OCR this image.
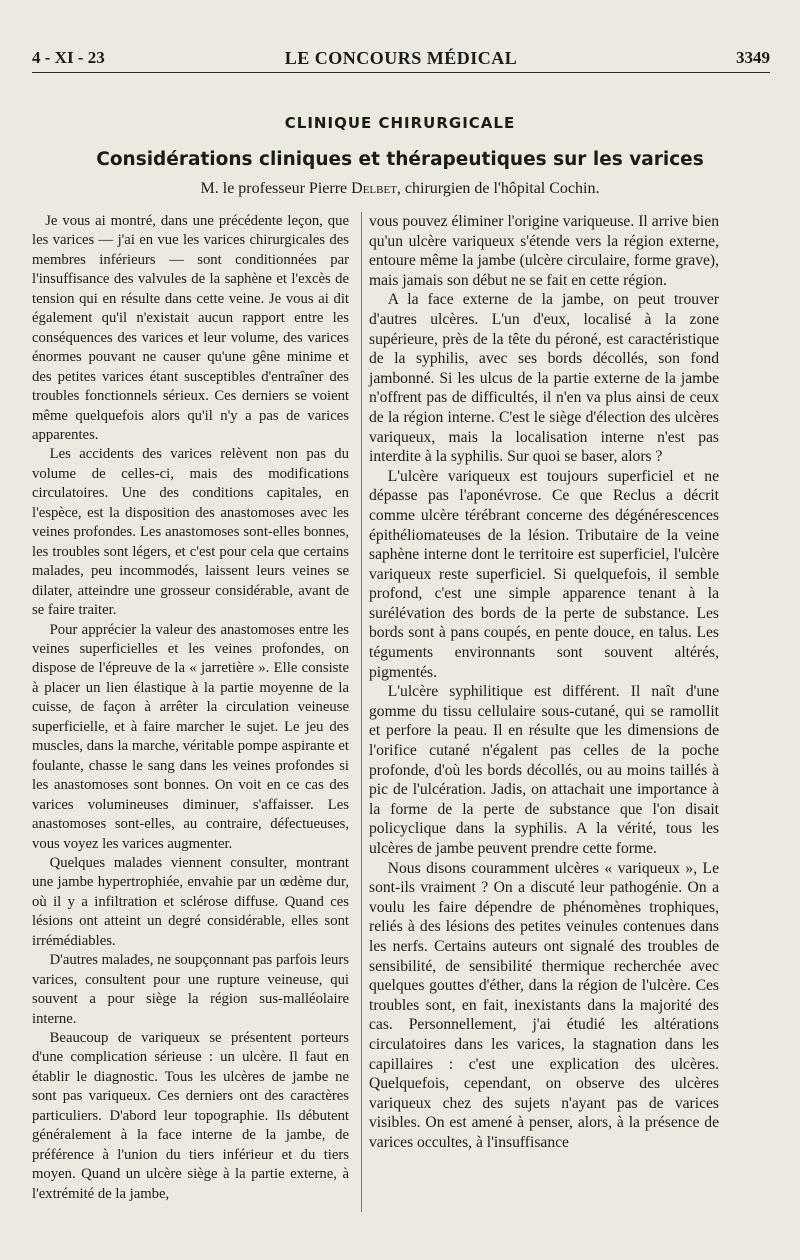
4 - XI - 23	LE CONCOURS MÉDICAL	3349
CLINIQUE CHIRURGICALE
Considérations cliniques et thérapeutiques sur les varices
M. le professeur Pierre Delbet, chirurgien de l'hôpital Cochin.

Je vous ai montré, dans une précédente leçon, que les varices — j'ai en vue les varices chirurgicales des membres inférieurs — sont conditionnées par l'insuffisance des valvules de la saphène et l'excès de tension qui en résulte dans cette veine. Je vous ai dit également qu'il n'existait aucun rapport entre les conséquences des varices et leur volume, des varices énormes pouvant ne causer qu'une gêne minime et des petites varices étant susceptibles d'entraîner des troubles fonctionnels sérieux. Ces derniers se voient même quelquefois alors qu'il n'y a pas de varices apparentes.

Les accidents des varices relèvent non pas du volume de celles-ci, mais des modifications circulatoires. Une des conditions capitales, en l'espèce, est la disposition des anastomoses avec les veines profondes. Les anastomoses sont-elles bonnes, les troubles sont légers, et c'est pour cela que certains malades, peu incommodés, laissent leurs veines se dilater, atteindre une grosseur considérable, avant de se faire traiter.

Pour apprécier la valeur des anastomoses entre les veines superficielles et les veines profondes, on dispose de l'épreuve de la « jarretière ». Elle consiste à placer un lien élastique à la partie moyenne de la cuisse, de façon à arrêter la circulation veineuse superficielle, et à faire marcher le sujet. Le jeu des muscles, dans la marche, véritable pompe aspirante et foulante, chasse le sang dans les veines profondes si les anastomoses sont bonnes. On voit en ce cas des varices volumineuses diminuer, s'affaisser. Les anastomoses sont-elles, au contraire, défectueuses, vous voyez les varices augmenter.

Quelques malades viennent consulter, montrant une jambe hypertrophiée, envahie par un œdème dur, où il y a infiltration et sclérose diffuse. Quand ces lésions ont atteint un degré considérable, elles sont irrémédiables.

D'autres malades, ne soupçonnant pas parfois leurs varices, consultent pour une rupture veineuse, qui souvent a pour siège la région sus-malléolaire interne.

Beaucoup de variqueux se présentent porteurs d'une complication sérieuse : un ulcère. Il faut en établir le diagnostic. Tous les ulcères de jambe ne sont pas variqueux. Ces derniers ont des caractères particuliers. D'abord leur topographie. Ils débutent généralement à la face interne de la jambe, de préférence à l'union du tiers inférieur et du tiers moyen. Quand un ulcère siège à la partie externe, à l'extrémité de la jambe,

vous pouvez éliminer l'origine variqueuse. Il arrive bien qu'un ulcère variqueux s'étende vers la région externe, entoure même la jambe (ulcère circulaire, forme grave), mais jamais son début ne se fait en cette région.

A la face externe de la jambe, on peut trouver d'autres ulcères. L'un d'eux, localisé à la zone supérieure, près de la tête du péroné, est caractéristique de la syphilis, avec ses bords décollés, son fond jambonné. Si les ulcus de la partie externe de la jambe n'offrent pas de difficultés, il n'en va plus ainsi de ceux de la région interne. C'est le siège d'élection des ulcères variqueux, mais la localisation interne n'est pas interdite à la syphilis. Sur quoi se baser, alors ?

L'ulcère variqueux est toujours superficiel et ne dépasse pas l'aponévrose. Ce que Reclus a décrit comme ulcère térébrant concerne des dégénérescences épithéliomateuses de la lésion. Tributaire de la veine saphène interne dont le territoire est superficiel, l'ulcère variqueux reste superficiel. Si quelquefois, il semble profond, c'est une simple apparence tenant à la surélévation des bords de la perte de substance. Les bords sont à pans coupés, en pente douce, en talus. Les téguments environnants sont souvent altérés, pigmentés.

L'ulcère syphilitique est différent. Il naît d'une gomme du tissu cellulaire sous-cutané, qui se ramollit et perfore la peau. Il en résulte que les dimensions de l'orifice cutané n'égalent pas celles de la poche profonde, d'où les bords décollés, ou au moins taillés à pic de l'ulcération. Jadis, on attachait une importance à la forme de la perte de substance que l'on disait policyclique dans la syphilis. A la vérité, tous les ulcères de jambe peuvent prendre cette forme.

Nous disons couramment ulcères « variqueux », Le sont-ils vraiment ? On a discuté leur pathogénie. On a voulu les faire dépendre de phénomènes trophiques, reliés à des lésions des petites veinules contenues dans les nerfs. Certains auteurs ont signalé des troubles de sensibilité, de sensibilité thermique recherchée avec quelques gouttes d'éther, dans la région de l'ulcère. Ces troubles sont, en fait, inexistants dans la majorité des cas. Personnellement, j'ai étudié les altérations circulatoires dans les varices, la stagnation dans les capillaires : c'est une explication des ulcères. Quelquefois, cependant, on observe des ulcères variqueux chez des sujets n'ayant pas de varices visibles. On est amené à penser, alors, à la présence de varices occultes, à l'insuffisance
